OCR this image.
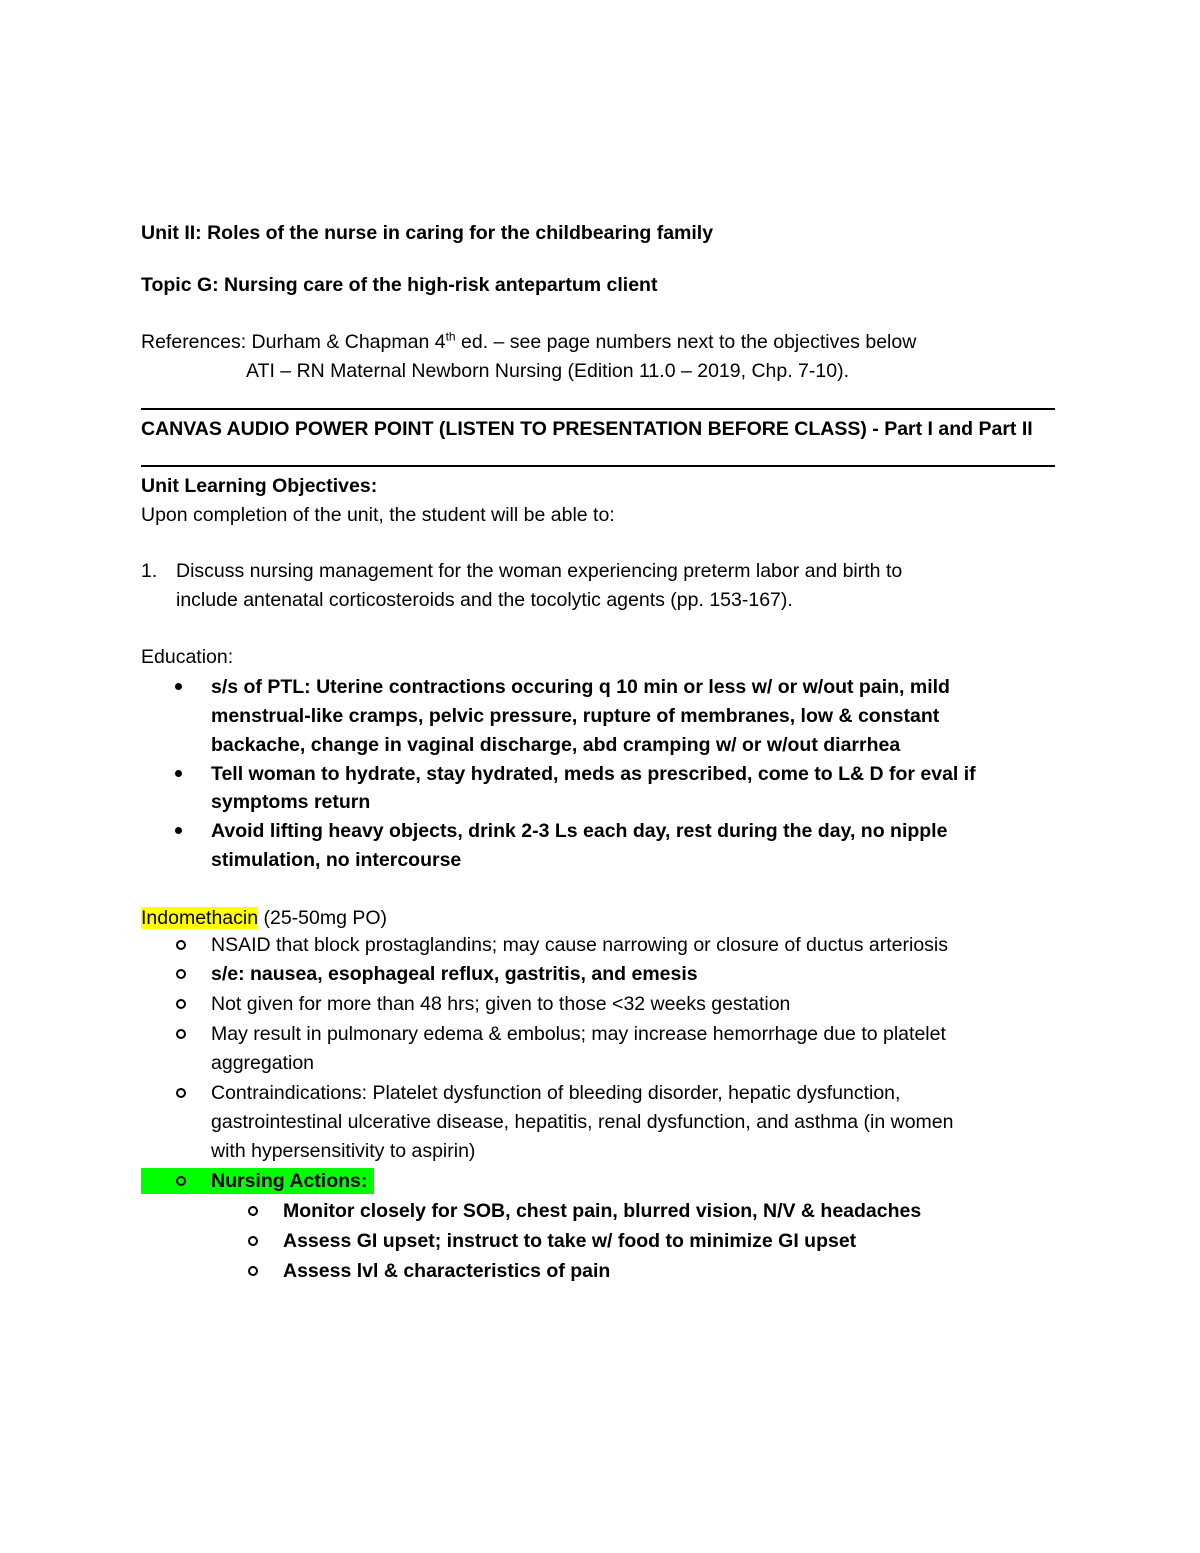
Unit II: Roles of the nurse in caring for the childbearing family
Topic G: Nursing care of the high-risk antepartum client
References: Durham & Chapman 4th ed. – see page numbers next to the objectives below
ATI – RN Maternal Newborn Nursing (Edition 11.0 – 2019, Chp. 7-10).
CANVAS AUDIO POWER POINT (LISTEN TO PRESENTATION BEFORE CLASS) - Part I and Part II
Unit Learning Objectives:
Upon completion of the unit, the student will be able to:
1. Discuss nursing management for the woman experiencing preterm labor and birth to
include antenatal corticosteroids and the tocolytic agents (pp. 153-167).
Education:
s/s of PTL: Uterine contractions occuring q 10 min or less w/ or w/out pain, mild
menstrual-like cramps, pelvic pressure, rupture of membranes, low & constant
backache, change in vaginal discharge, abd cramping w/ or w/out diarrhea
Tell woman to hydrate, stay hydrated, meds as prescribed, come to L& D for eval if
symptoms return
Avoid lifting heavy objects, drink 2-3 Ls each day, rest during the day, no nipple
stimulation, no intercourse
Indomethacin (25-50mg PO)
NSAID that block prostaglandins; may cause narrowing or closure of ductus arteriosis
s/e: nausea, esophageal reflux, gastritis, and emesis
Not given for more than 48 hrs; given to those <32 weeks gestation
May result in pulmonary edema & embolus; may increase hemorrhage due to platelet
aggregation
Contraindications: Platelet dysfunction of bleeding disorder, hepatic dysfunction,
gastrointestinal ulcerative disease, hepatitis, renal dysfunction, and asthma (in women
with hypersensitivity to aspirin)
Nursing Actions:
Monitor closely for SOB, chest pain, blurred vision, N/V & headaches
Assess GI upset; instruct to take w/ food to minimize GI upset
Assess lvl & characteristics of pain
